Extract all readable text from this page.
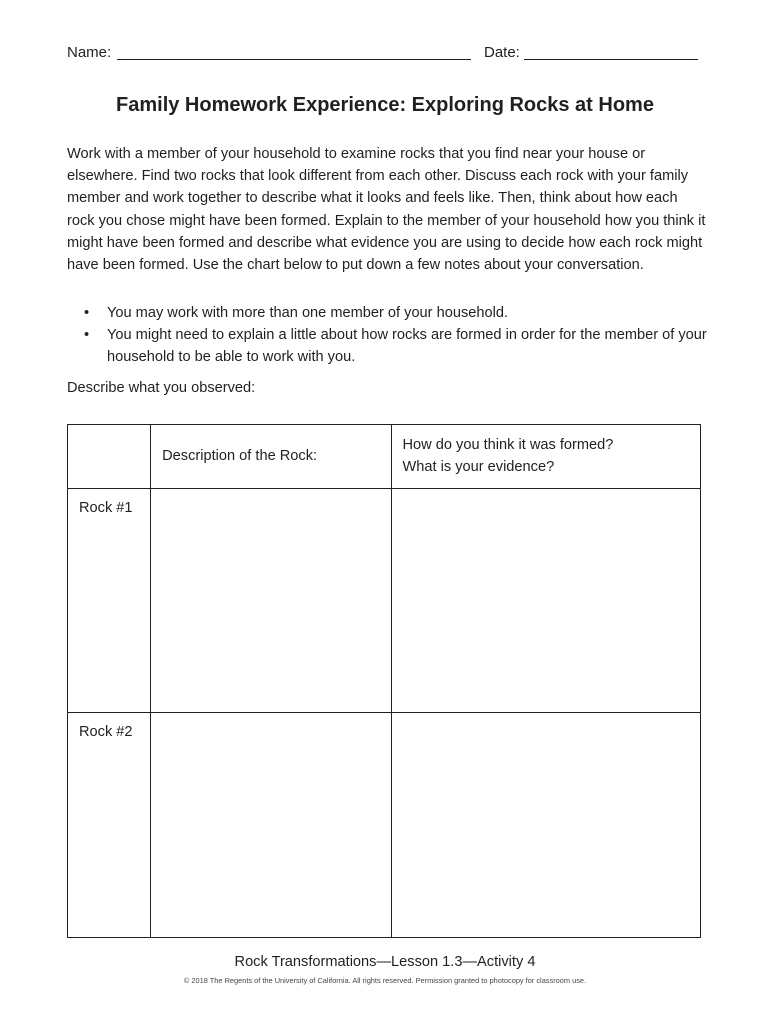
Name:	Date:
Family Homework Experience: Exploring Rocks at Home

Work with a member of your household to examine rocks that you find near your house or elsewhere. Find two rocks that look different from each other. Discuss each rock with your family member and work together to describe what it looks and feels like. Then, think about how each rock you chose might have been formed. Explain to the member of your household how you think it might have been formed and describe what evidence you are using to decide how each rock might have been formed. Use the chart below to put down a few notes about your conversation.

• You may work with more than one member of your household.
• You might need to explain a little about how rocks are formed in order for the member of your household to be able to work with you.

Describe what you observed:

	Description of the Rock:	How do you think it was formed?
What is your evidence?

Rock #1		
Rock #2		

Rock Transformations—Lesson 1.3—Activity 4

© 2018 The Regents of the University of California. All rights reserved. Permission granted to photocopy for classroom use.
